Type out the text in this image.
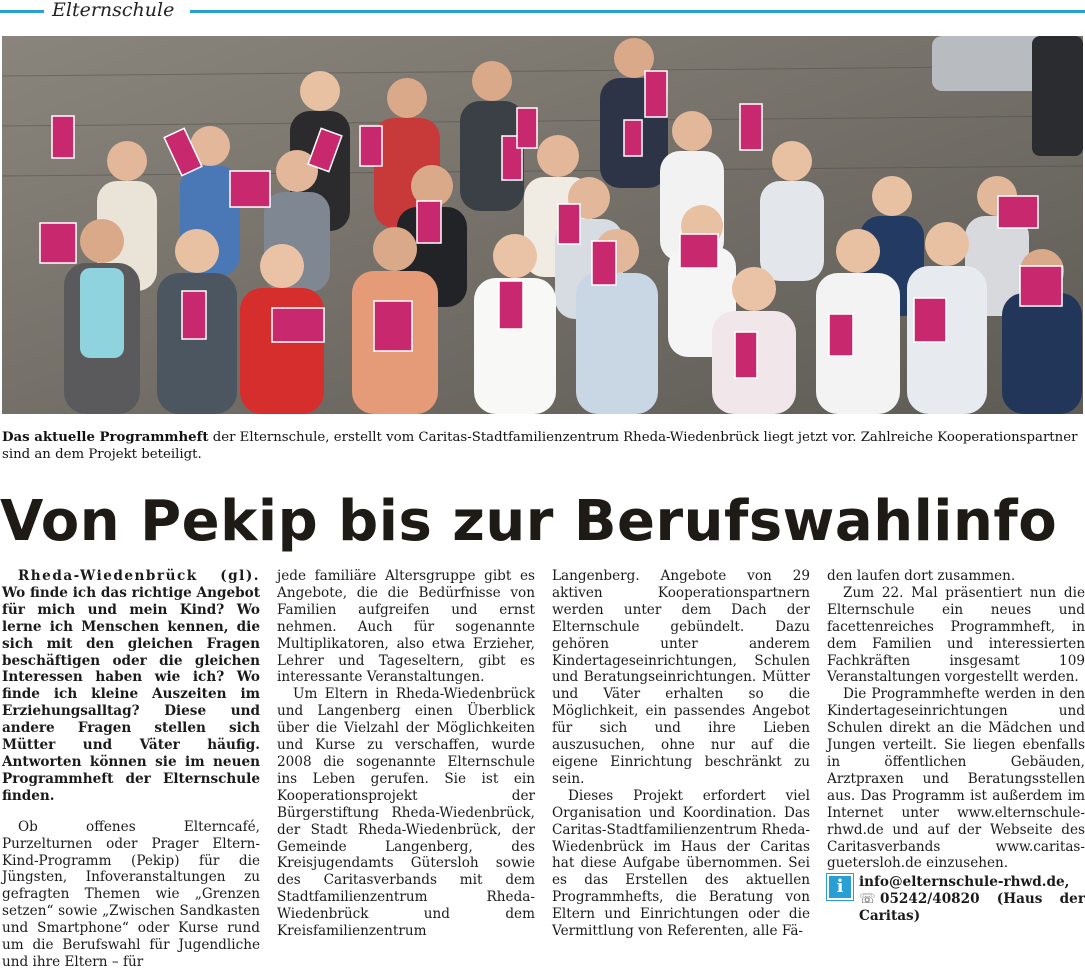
Elternschule
Das aktuelle Programmheft der Elternschule, erstellt vom Caritas-Stadtfamilienzentrum Rheda-Wiedenbrück liegt jetzt vor. Zahlreiche Kooperationspartner sind an dem Projekt beteiligt.
Von Pekip bis zur Berufswahlinfo

Rheda-Wiedenbrück (gl). Wo finde ich das richtige Angebot für mich und mein Kind? Wo lerne ich Menschen kennen, die sich mit den gleichen Fragen beschäftigen oder die gleichen Interessen haben wie ich? Wo finde ich kleine Auszeiten im Erziehungsalltag? Diese und andere Fragen stellen sich Mütter und Väter häufig. Antworten können sie im neuen Programmheft der Elternschule finden.

Ob offenes Elterncafé, Purzelturnen oder Prager Eltern-Kind-Programm (Pekip) für die Jüngsten, Infoveranstaltungen zu gefragten Themen wie „Grenzen setzen“ sowie „Zwischen Sandkasten und Smartphone“ oder Kurse rund um die Berufswahl für Jugendliche und ihre Eltern – für

jede familiäre Altersgruppe gibt es Angebote, die die Bedürfnisse von Familien aufgreifen und ernst nehmen. Auch für sogenannte Multiplikatoren, also etwa Erzieher, Lehrer und Tageseltern, gibt es interessante Veranstaltungen.

Um Eltern in Rheda-Wiedenbrück und Langenberg einen Überblick über die Vielzahl der Möglichkeiten und Kurse zu verschaffen, wurde 2008 die sogenannte Elternschule ins Leben gerufen. Sie ist ein Kooperationsprojekt der Bürgerstiftung Rheda-Wiedenbrück, der Stadt Rheda-Wiedenbrück, der Gemeinde Langenberg, des Kreisjugendamts Gütersloh sowie des Caritasverbands mit dem Stadtfamilienzentrum Rheda-Wiedenbrück und dem Kreisfamilienzentrum

Langenberg. Angebote von 29 aktiven Kooperationspartnern werden unter dem Dach der Elternschule gebündelt. Dazu gehören unter anderem Kindertageseinrichtungen, Schulen und Beratungseinrichtungen. Mütter und Väter erhalten so die Möglichkeit, ein passendes Angebot für sich und ihre Lieben auszusuchen, ohne nur auf die eigene Einrichtung beschränkt zu sein.

Dieses Projekt erfordert viel Organisation und Koordination. Das Caritas-Stadtfamilienzentrum Rheda-Wiedenbrück im Haus der Caritas hat diese Aufgabe übernommen. Sei es das Erstellen des aktuellen Programmhefts, die Beratung von Eltern und Einrichtungen oder die Vermittlung von Referenten, alle Fä-

den laufen dort zusammen.

Zum 22. Mal präsentiert nun die Elternschule ein neues und facettenreiches Programmheft, in dem Familien und interessierten Fachkräften insgesamt 109 Veranstaltungen vorgestellt werden.

Die Programmhefte werden in den Kindertageseinrichtungen und Schulen direkt an die Mädchen und Jungen verteilt. Sie liegen ebenfalls in öffentlichen Gebäuden, Arztpraxen und Beratungsstellen aus. Das Programm ist außerdem im Internet unter www.elternschule-rhwd.de und auf der Webseite des Caritasverbands www.caritas-guetersloh.de einzusehen.

i	info@elternschule-rhwd.de,
☏ 05242/40820 (Haus der Caritas)
